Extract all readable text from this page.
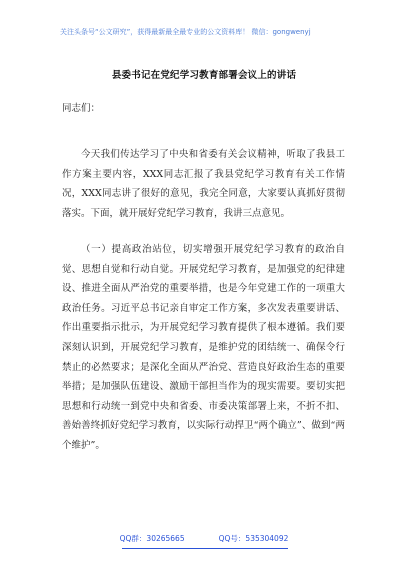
关注头条号“公文研究”，获得最新最全最专业的公文资料库！ 微信：gongwenyj
县委书记在党纪学习教育部署会议上的讲话
同志们：

今天我们传达学习了中央和省委有关会议精神，听取了我县工作方案主要内容，XXX同志汇报了我县党纪学习教育有关工作情况，XXX同志讲了很好的意见，我完全同意，大家要认真抓好贯彻落实。下面，就开展好党纪学习教育，我讲三点意见。

（一）提高政治站位，切实增强开展党纪学习教育的政治自觉、思想自觉和行动自觉。开展党纪学习教育，是加强党的纪律建设、推进全面从严治党的重要举措，也是今年党建工作的一项重大政治任务。习近平总书记亲自审定工作方案，多次发表重要讲话、作出重要指示批示，为开展党纪学习教育提供了根本遵循。我们要深刻认识到，开展党纪学习教育，是维护党的团结统一、确保令行禁止的必然要求；是深化全面从严治党、营造良好政治生态的重要举措；是加强队伍建设、激励干部担当作为的现实需要。要切实把思想和行动统一到党中央和省委、市委决策部署上来，不折不扣、善始善终抓好党纪学习教育，以实际行动捍卫“两个确立”、做到“两个维护”。

QQ群：30265665	QQ号：535304092
